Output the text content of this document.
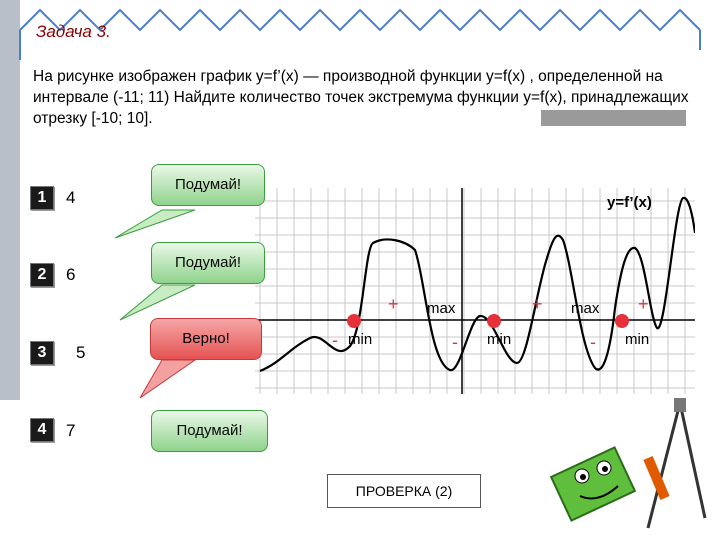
Задача 3.
На рисунке изображен график y=f’(x) — производной функции y=f(x) , определенной на интервале (-11; 11) Найдите количество точек экстремума функции y=f(x), принадлежащих отрезку [-10; 10].
y=f’(x)
+
- min
max
- min
+ max
-
+
min
1	4
2	6
3	5
4	7
Подумай!
Подумай!
Верно!
Подумай!
ПРОВЕРКА (2)
